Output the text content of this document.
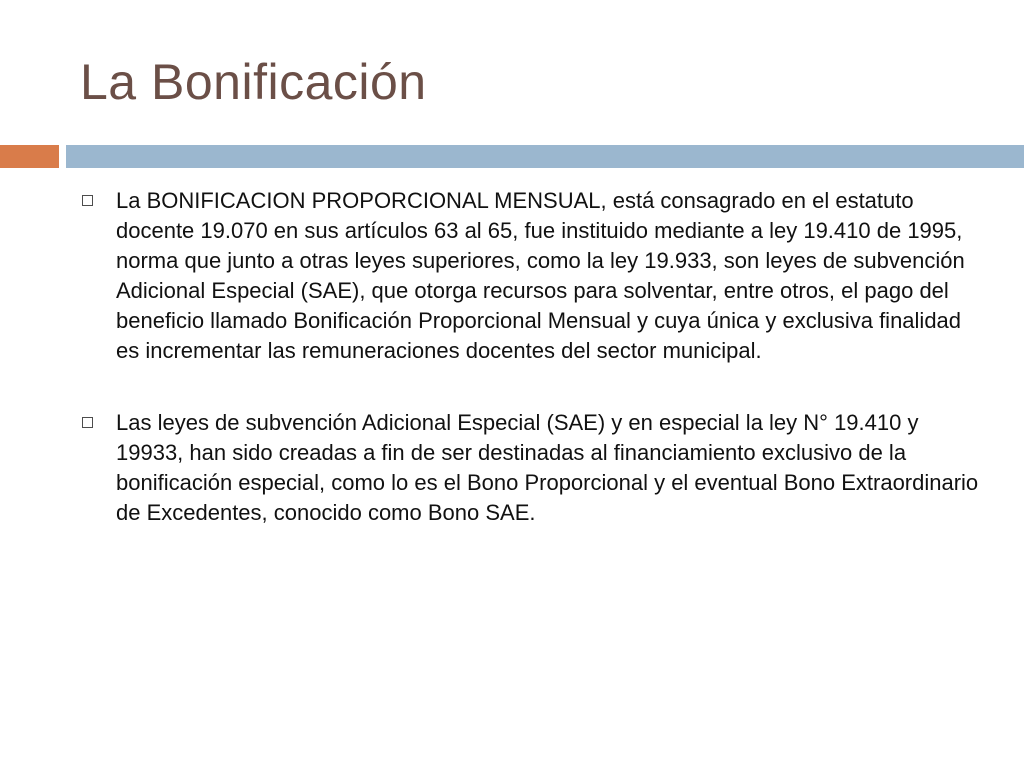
La Bonificación
La BONIFICACION PROPORCIONAL MENSUAL, está consagrado en el estatuto docente 19.070 en sus artículos 63 al 65, fue instituido mediante a ley 19.410 de 1995, norma que junto a otras leyes superiores, como la ley 19.933, son leyes de subvención Adicional Especial (SAE), que otorga recursos para solventar, entre otros, el pago del beneficio llamado Bonificación Proporcional Mensual y cuya única y exclusiva finalidad es incrementar las remuneraciones docentes del sector municipal.
Las leyes de subvención Adicional Especial (SAE) y en especial la ley N° 19.410 y 19933, han sido creadas a fin de ser destinadas al financiamiento exclusivo de la bonificación especial, como lo es el Bono Proporcional y el eventual Bono Extraordinario de Excedentes, conocido como Bono SAE.
